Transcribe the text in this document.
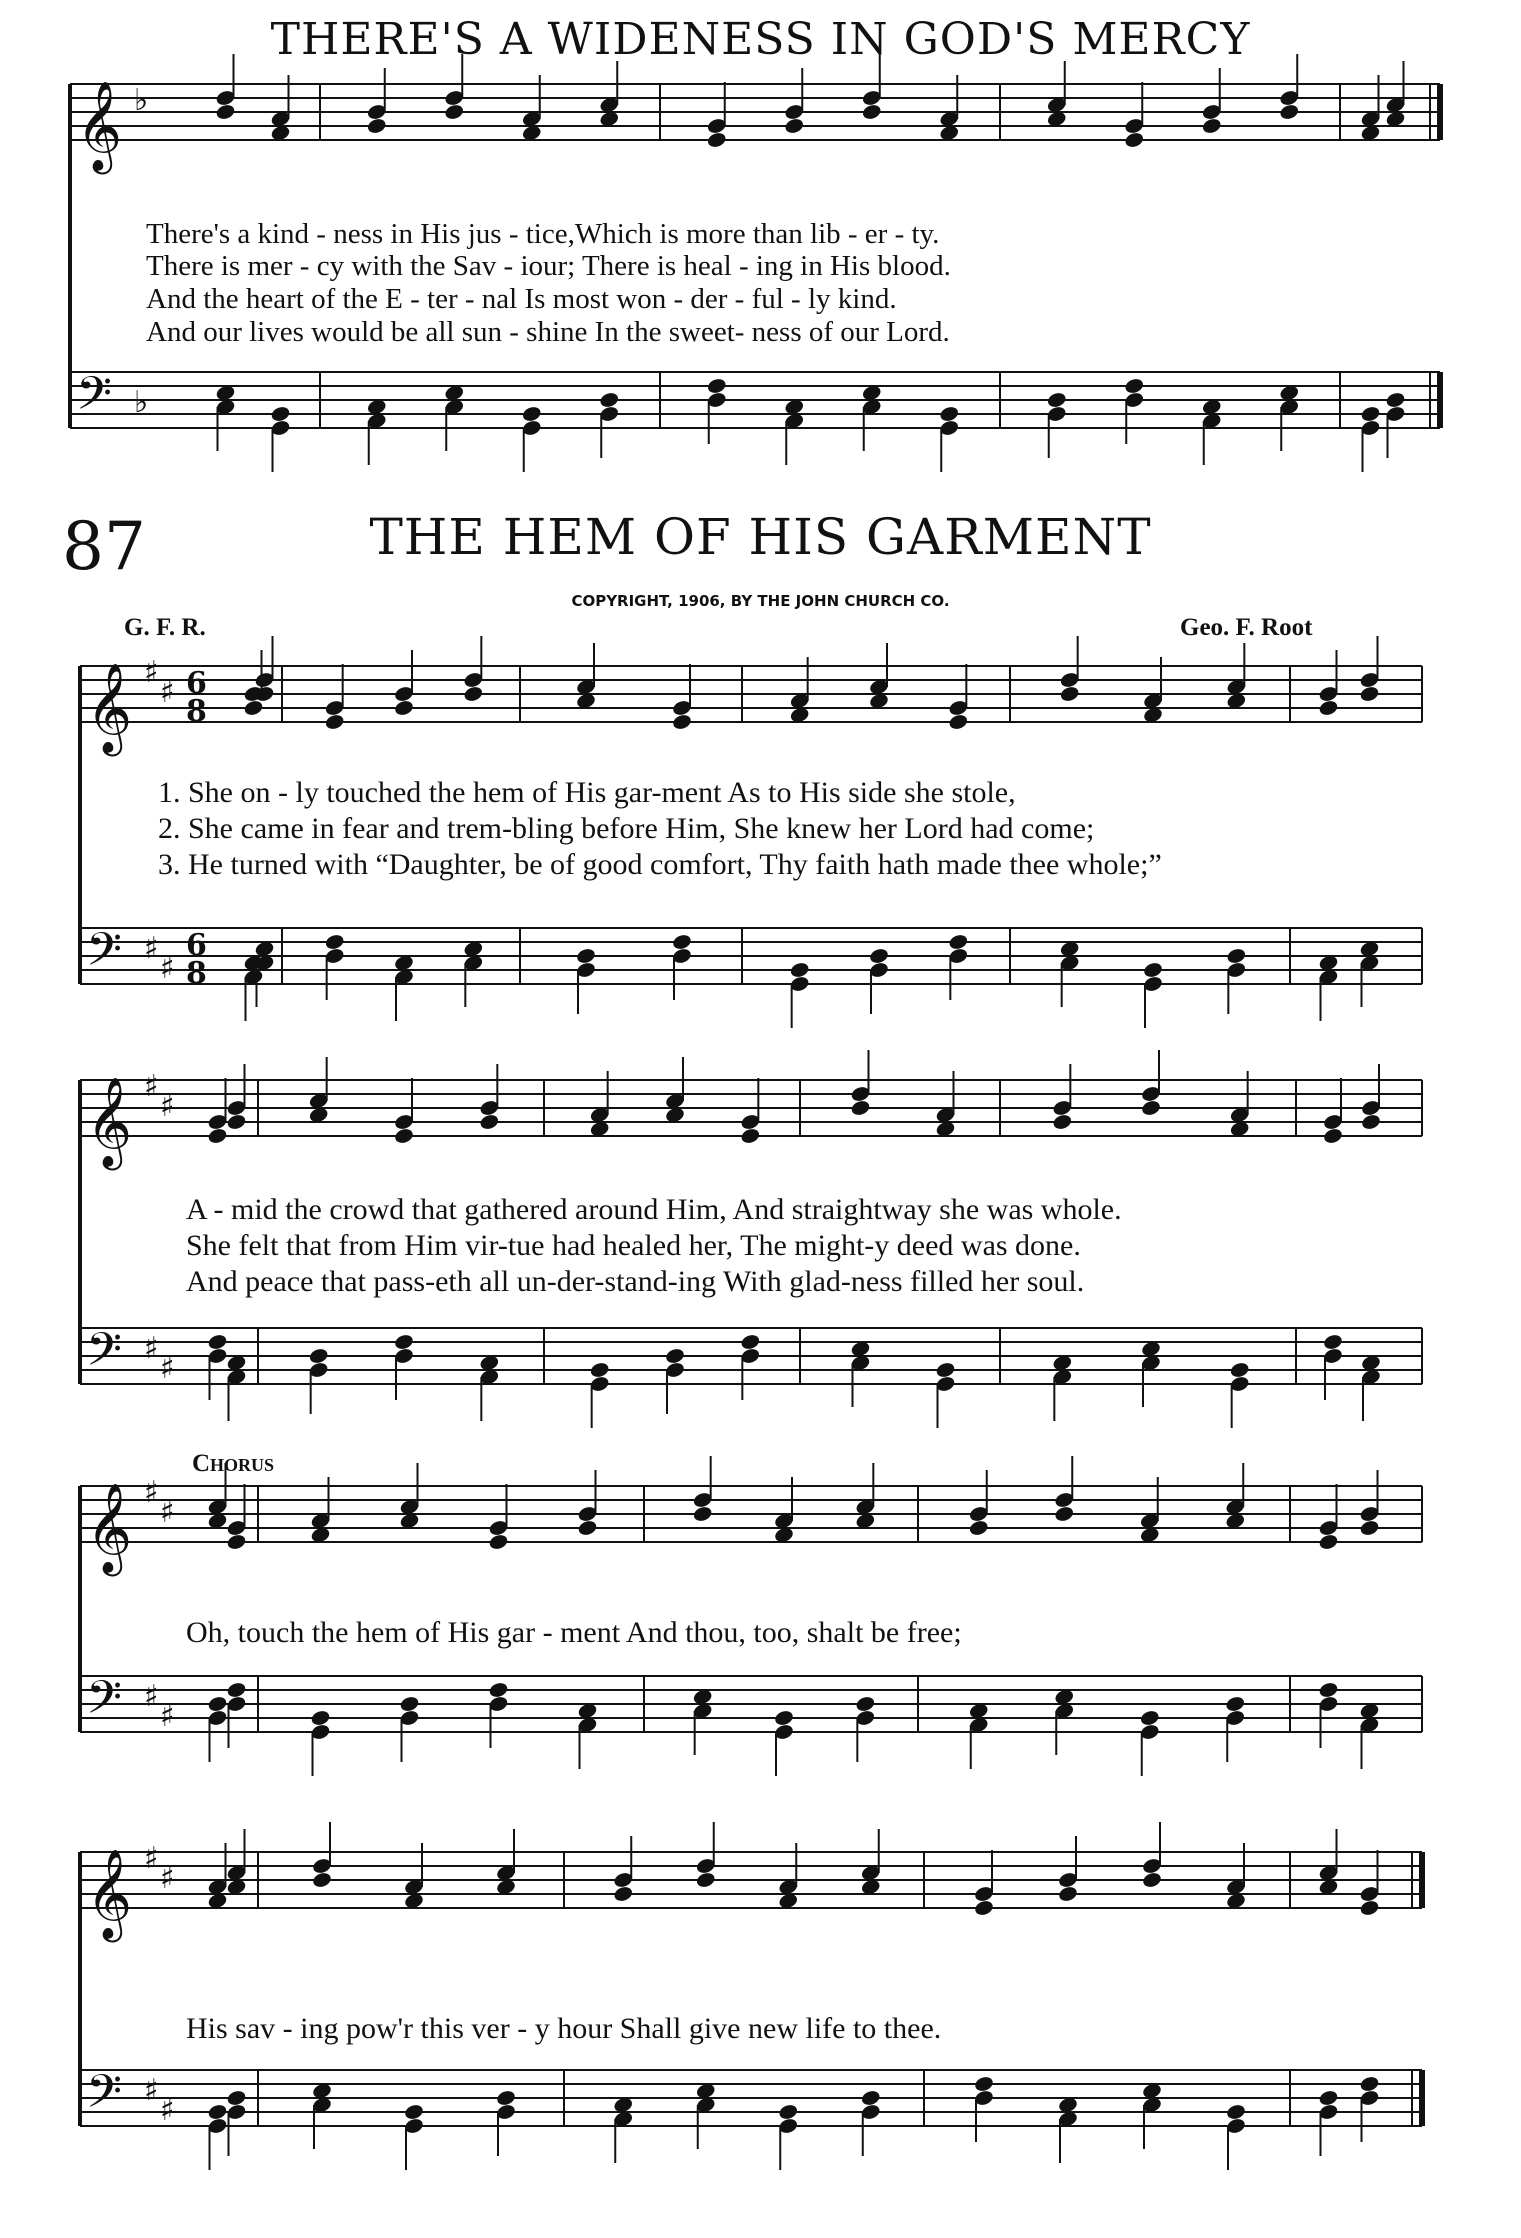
THERE'S A WIDENESS IN GOD'S MERCY
87	THE HEM OF HIS GARMENT
COPYRIGHT, 1906, BY THE JOHN CHURCH CO.
G. F. R.	Geo. F. Root
Chorus
There's a kind - ness in His jus - tice,Which is more than lib - er - ty.
There is mer - cy with the Sav - iour; There is heal - ing in His blood.
And the heart of the E - ter - nal Is most won - der - ful - ly kind.
And our lives would be all sun - shine In the sweet- ness of our Lord.
1. She on - ly touched the hem of His gar-ment As to His side she stole,
2. She came in fear and trem-bling before Him, She knew her Lord had come;
3. He turned with “Daughter, be of good comfort, Thy faith hath made thee whole;”
A - mid the crowd that gathered around Him, And straightway she was whole.
She felt that from Him vir-tue had healed her, The might-y deed was done.
And peace that pass-eth all un-der-stand-ing With glad-ness filled her soul.
Oh, touch the hem of His gar - ment And thou, too, shalt be free;
His sav - ing pow'r this ver - y hour Shall give new life to thee.
𝄞 ♭
𝄢 ♭
𝄞 ♯
♯ 6
8
𝄢 ♯
♯
6
8
𝄞 ♯
♯
𝄢 ♯
♯
𝄞 ♯
♯
𝄢 ♯
♯
𝄞 ♯
♯
𝄢 ♯
♯
